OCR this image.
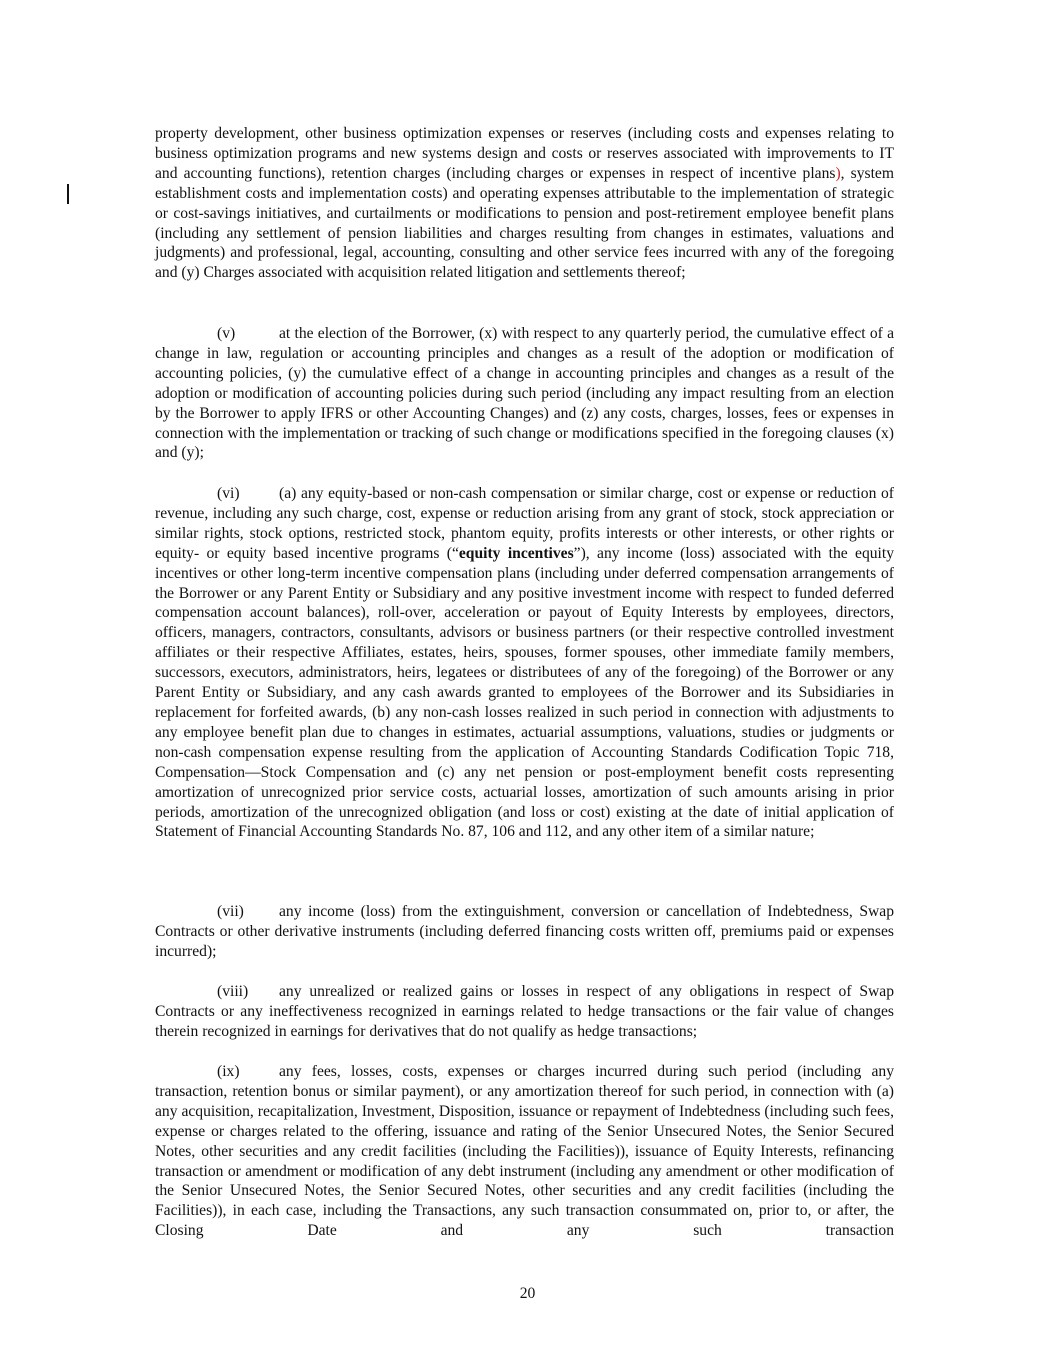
property development, other business optimization expenses or reserves (including costs and expenses relating to business optimization programs and new systems design and costs or reserves associated with improvements to IT and accounting functions), retention charges (including charges or expenses in respect of incentive plans), system establishment costs and implementation costs) and operating expenses attributable to the implementation of strategic or cost-savings initiatives, and curtailments or modifications to pension and post-retirement employee benefit plans (including any settlement of pension liabilities and charges resulting from changes in estimates, valuations and judgments) and professional, legal, accounting, consulting and other service fees incurred with any of the foregoing and (y) Charges associated with acquisition related litigation and settlements thereof;

(v)	at the election of the Borrower, (x) with respect to any quarterly period, the cumulative effect of a change in law, regulation or accounting principles and changes as a result of the adoption or modification of accounting policies, (y) the cumulative effect of a change in accounting principles and changes as a result of the adoption or modification of accounting policies during such period (including any impact resulting from an election by the Borrower to apply IFRS or other Accounting Changes) and (z) any costs, charges, losses, fees or expenses in connection with the implementation or tracking of such change or modifications specified in the foregoing clauses (x) and (y);

(vi)	(a) any equity-based or non-cash compensation or similar charge, cost or expense or reduction of revenue, including any such charge, cost, expense or reduction arising from any grant of stock, stock appreciation or similar rights, stock options, restricted stock, phantom equity, profits interests or other interests, or other rights or equity- or equity based incentive programs (“equity incentives”), any income (loss) associated with the equity incentives or other long-term incentive compensation plans (including under deferred compensation arrangements of the Borrower or any Parent Entity or Subsidiary and any positive investment income with respect to funded deferred compensation account balances), roll-over, acceleration or payout of Equity Interests by employees, directors, officers, managers, contractors, consultants, advisors or business partners (or their respective controlled investment affiliates or their respective Affiliates, estates, heirs, spouses, former spouses, other immediate family members, successors, executors, administrators, heirs, legatees or distributees of any of the foregoing) of the Borrower or any Parent Entity or Subsidiary, and any cash awards granted to employees of the Borrower and its Subsidiaries in replacement for forfeited awards, (b) any non-cash losses realized in such period in connection with adjustments to any employee benefit plan due to changes in estimates, actuarial assumptions, valuations, studies or judgments or non-cash compensation expense resulting from the application of Accounting Standards Codification Topic 718, Compensation—Stock Compensation and (c) any net pension or post-employment benefit costs representing amortization of unrecognized prior service costs, actuarial losses, amortization of such amounts arising in prior periods, amortization of the unrecognized obligation (and loss or cost) existing at the date of initial application of Statement of Financial Accounting Standards No. 87, 106 and 112, and any other item of a similar nature;

(vii) any income (loss) from the extinguishment, conversion or cancellation of Indebtedness, Swap Contracts or other derivative instruments (including deferred financing costs written off, premiums paid or expenses incurred);

(viii) any unrealized or realized gains or losses in respect of any obligations in respect of Swap Contracts or any ineffectiveness recognized in earnings related to hedge transactions or the fair value of changes therein recognized in earnings for derivatives that do not qualify as hedge transactions;

(ix)	any fees, losses, costs, expenses or charges incurred during such period (including any transaction, retention bonus or similar payment), or any amortization thereof for such period, in connection with (a) any acquisition, recapitalization, Investment, Disposition, issuance or repayment of Indebtedness (including such fees, expense or charges related to the offering, issuance and rating of the Senior Unsecured Notes, the Senior Secured Notes, other securities and any credit facilities (including the Facilities)), issuance of Equity Interests, refinancing transaction or amendment or modification of any debt instrument (including any amendment or other modification of the Senior Unsecured Notes, the Senior Secured Notes, other securities and any credit facilities (including the Facilities)), in each case, including the Transactions, any such transaction consummated on, prior to, or after, the Closing Date and any such transaction

20
